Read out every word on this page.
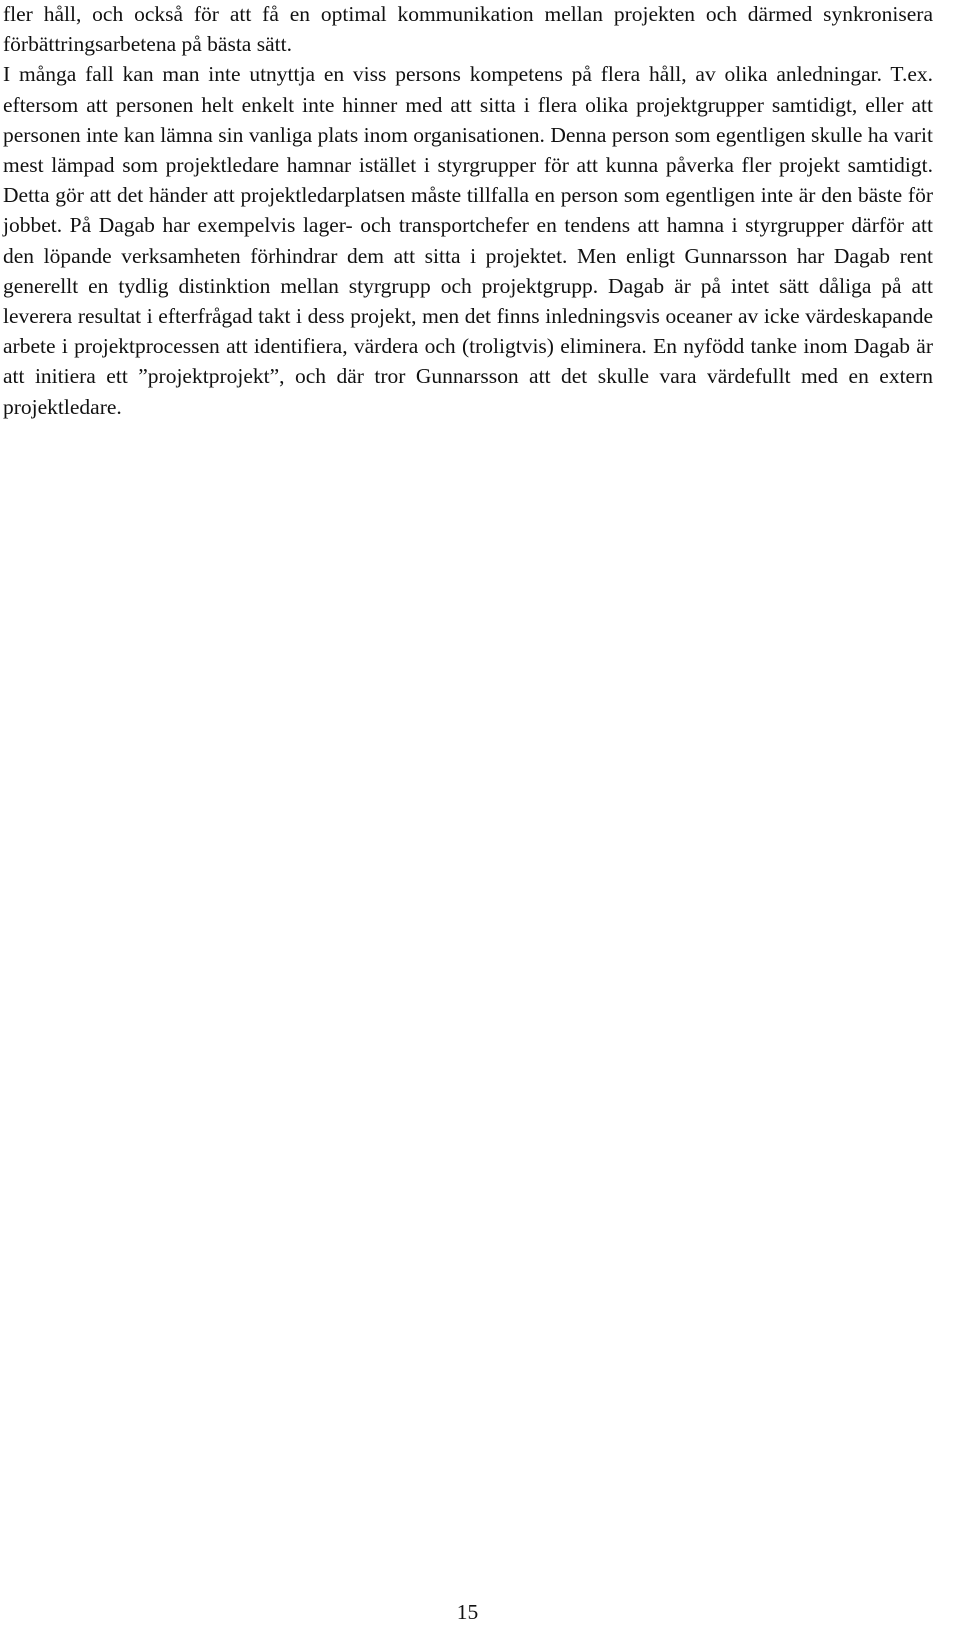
fler håll, och också för att få en optimal kommunikation mellan projekten och därmed synkronisera förbättringsarbetena på bästa sätt.

I många fall kan man inte utnyttja en viss persons kompetens på flera håll, av olika anledningar. T.ex. eftersom att personen helt enkelt inte hinner med att sitta i flera olika projektgrupper samtidigt, eller att personen inte kan lämna sin vanliga plats inom organisationen. Denna person som egentligen skulle ha varit mest lämpad som projektledare hamnar istället i styrgrupper för att kunna påverka fler projekt samtidigt. Detta gör att det händer att projektledarplatsen måste tillfalla en person som egentligen inte är den bäste för jobbet. På Dagab har exempelvis lager- och transportchefer en tendens att hamna i styrgrupper därför att den löpande verksamheten förhindrar dem att sitta i projektet. Men enligt Gunnarsson har Dagab rent generellt en tydlig distinktion mellan styrgrupp och projektgrupp. Dagab är på intet sätt dåliga på att leverera resultat i efterfrågad takt i dess projekt, men det finns inledningsvis oceaner av icke värdeskapande arbete i projektprocessen att identifiera, värdera och (troligtvis) eliminera. En nyfödd tanke inom Dagab är att initiera ett ”projektprojekt”, och där tror Gunnarsson att det skulle vara värdefullt med en extern projektledare.

15
